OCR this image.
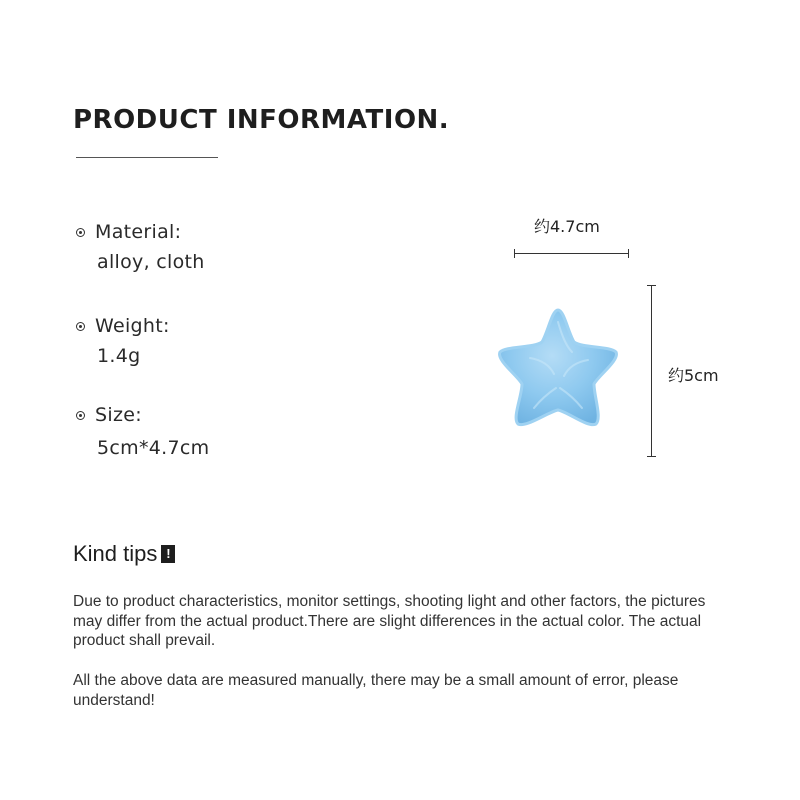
PRODUCT INFORMATION.
Material:
alloy, cloth
Weight:
1.4g
Size:
5cm*4.7cm
约4.7cm
约5cm
Kind tips !
Due to product characteristics, monitor settings, shooting light and other factors, the pictures may differ from the actual product.There are slight differences in the actual color. The actual product shall prevail.
All the above data are measured manually, there may be a small amount of error, please understand!
